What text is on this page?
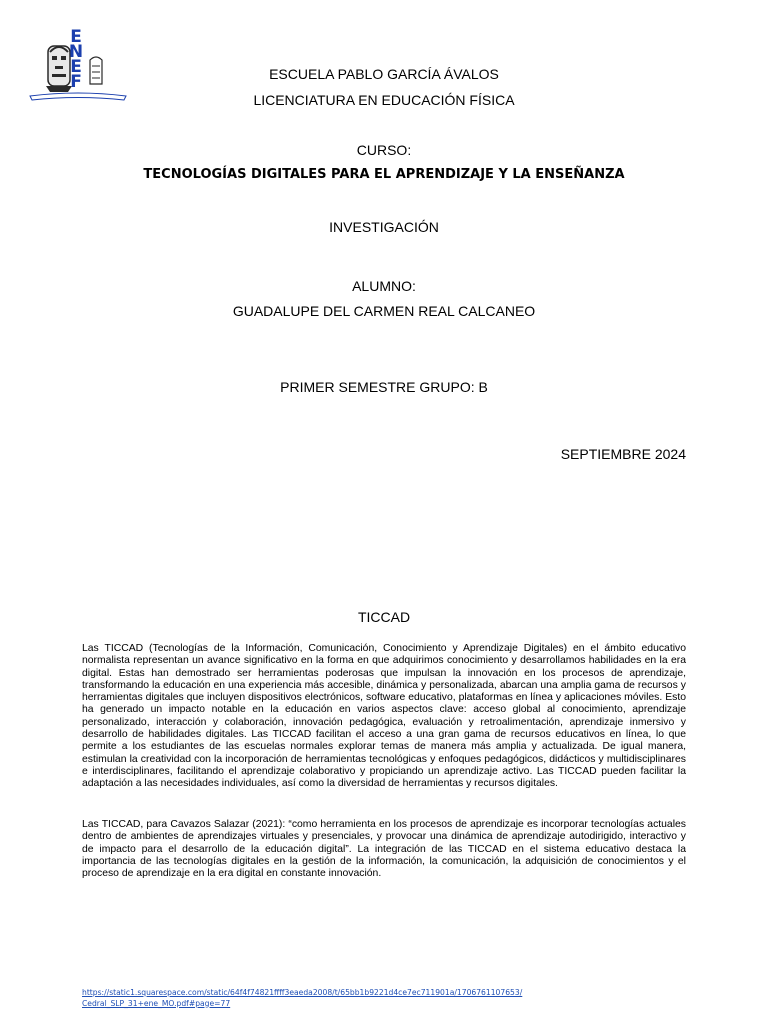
ENEF	ESCUELA PABLO GARCÍA ÁVALOS
LICENCIATURA EN EDUCACIÓN FÍSICA
CURSO:
TECNOLOGÍAS DIGITALES PARA EL APRENDIZAJE Y LA ENSEÑANZA
INVESTIGACIÓN
ALUMNO:
GUADALUPE DEL CARMEN REAL CALCANEO
PRIMER SEMESTRE GRUPO: B
SEPTIEMBRE 2024
TICCAD

Las TICCAD (Tecnologías de la Información, Comunicación, Conocimiento y Aprendizaje Digitales) en el ámbito educativo normalista representan un avance significativo en la forma en que adquirimos conocimiento y desarrollamos habilidades en la era digital. Estas han demostrado ser herramientas poderosas que impulsan la innovación en los procesos de aprendizaje, transformando la educación en una experiencia más accesible, dinámica y personalizada, abarcan una amplia gama de recursos y herramientas digitales que incluyen dispositivos electrónicos, software educativo, plataformas en línea y aplicaciones móviles. Esto ha generado un impacto notable en la educación en varios aspectos clave: acceso global al conocimiento, aprendizaje personalizado, interacción y colaboración, innovación pedagógica, evaluación y retroalimentación, aprendizaje inmersivo y desarrollo de habilidades digitales. Las TICCAD facilitan el acceso a una gran gama de recursos educativos en línea, lo que permite a los estudiantes de las escuelas normales explorar temas de manera más amplia y actualizada. De igual manera, estimulan la creatividad con la incorporación de herramientas tecnológicas y enfoques pedagógicos, didácticos y multidisciplinares e interdisciplinares, facilitando el aprendizaje colaborativo y propiciando un aprendizaje activo. Las TICCAD pueden facilitar la adaptación a las necesidades individuales, así como la diversidad de herramientas y recursos digitales.

Las TICCAD, para Cavazos Salazar (2021): “como herramienta en los procesos de aprendizaje es incorporar tecnologías actuales dentro de ambientes de aprendizajes virtuales y presenciales, y provocar una dinámica de aprendizaje autodirigido, interactivo y de impacto para el desarrollo de la educación digital”. La integración de las TICCAD en el sistema educativo destaca la importancia de las tecnologías digitales en la gestión de la información, la comunicación, la adquisición de conocimientos y el proceso de aprendizaje en la era digital en constante innovación.

https://static1.squarespace.com/static/64f4f74821ffff3eaeda2008/t/65bb1b9221d4ce7ec711901a/1706761107653/
Cedral_SLP_31+ene_MO.pdf#page=77
